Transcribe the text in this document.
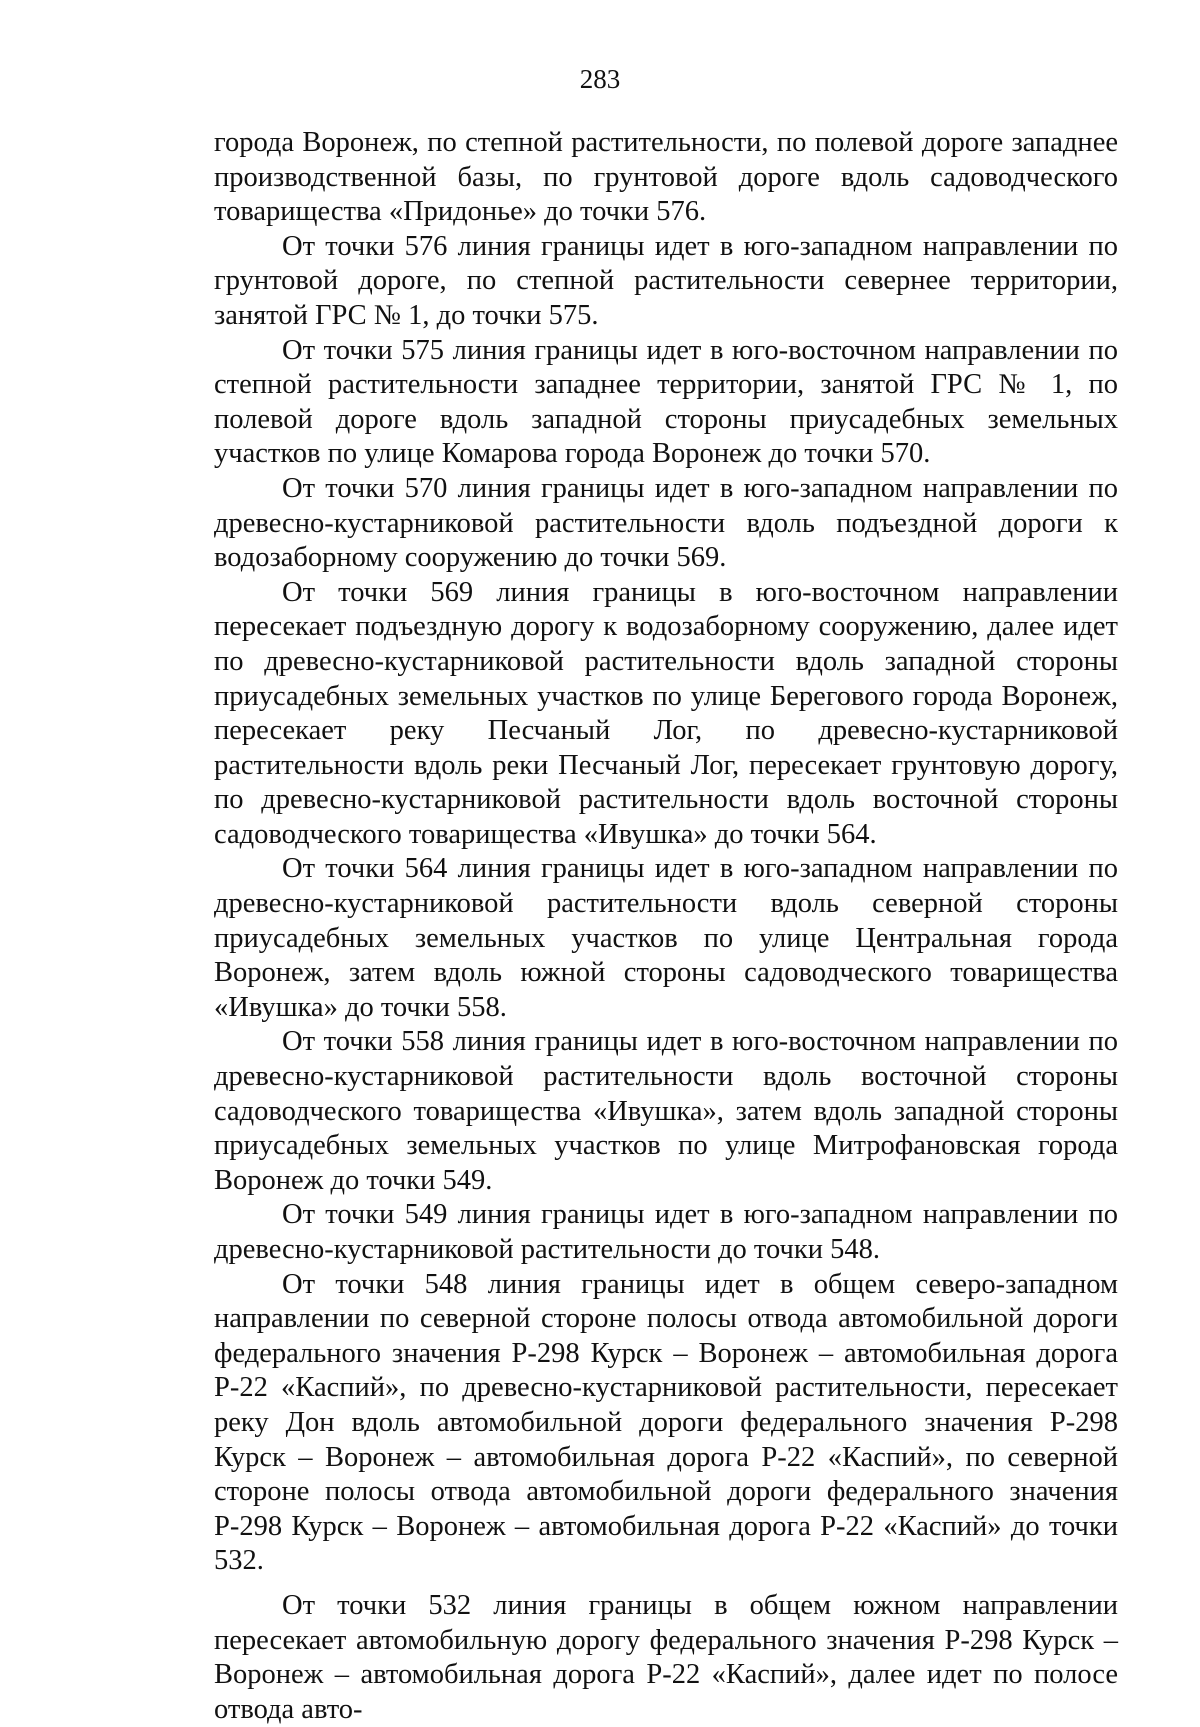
283

города Воронеж, по степной растительности, по полевой дороге западнее производственной базы, по грунтовой дороге вдоль садоводческого товарищества «Придонье» до точки 576.

От точки 576 линия границы идет в юго-западном направлении по грунтовой дороге, по степной растительности севернее территории, занятой ГРС № 1, до точки 575.

От точки 575 линия границы идет в юго-восточном направлении по степной растительности западнее территории, занятой ГРС № 1, по полевой дороге вдоль западной стороны приусадебных земельных участков по улице Комарова города Воронеж до точки 570.

От точки 570 линия границы идет в юго-западном направлении по древесно-кустарниковой растительности вдоль подъездной дороги к водозаборному сооружению до точки 569.

От точки 569 линия границы в юго-восточном направлении пересекает подъездную дорогу к водозаборному сооружению, далее идет по древесно-кустарниковой растительности вдоль западной стороны приусадебных земельных участков по улице Берегового города Воронеж, пересекает реку Песчаный Лог, по древесно-кустарниковой растительности вдоль реки Песчаный Лог, пересекает грунтовую дорогу, по древесно-кустарниковой растительности вдоль восточной стороны садоводческого товарищества «Ивушка» до точки 564.

От точки 564 линия границы идет в юго-западном направлении по древесно-кустарниковой растительности вдоль северной стороны приусадебных земельных участков по улице Центральная города Воронеж, затем вдоль южной стороны садоводческого товарищества «Ивушка» до точки 558.

От точки 558 линия границы идет в юго-восточном направлении по древесно-кустарниковой растительности вдоль восточной стороны садоводческого товарищества «Ивушка», затем вдоль западной стороны приусадебных земельных участков по улице Митрофановская города Воронеж до точки 549.

От точки 549 линия границы идет в юго-западном направлении по древесно-кустарниковой растительности до точки 548.

От точки 548 линия границы идет в общем северо-западном направлении по северной стороне полосы отвода автомобильной дороги федерального значения Р-298 Курск – Воронеж – автомобильная дорога Р-22 «Каспий», по древесно-кустарниковой растительности, пересекает реку Дон вдоль автомобильной дороги федерального значения Р-298 Курск – Воронеж – автомобильная дорога Р-22 «Каспий», по северной стороне полосы отвода автомобильной дороги федерального значения Р-298 Курск – Воронеж – автомобильная дорога Р-22 «Каспий» до точки 532.

От точки 532 линия границы в общем южном направлении пересекает автомобильную дорогу федерального значения Р-298 Курск – Воронеж – автомобильная дорога Р-22 «Каспий», далее идет по полосе отвода авто-
